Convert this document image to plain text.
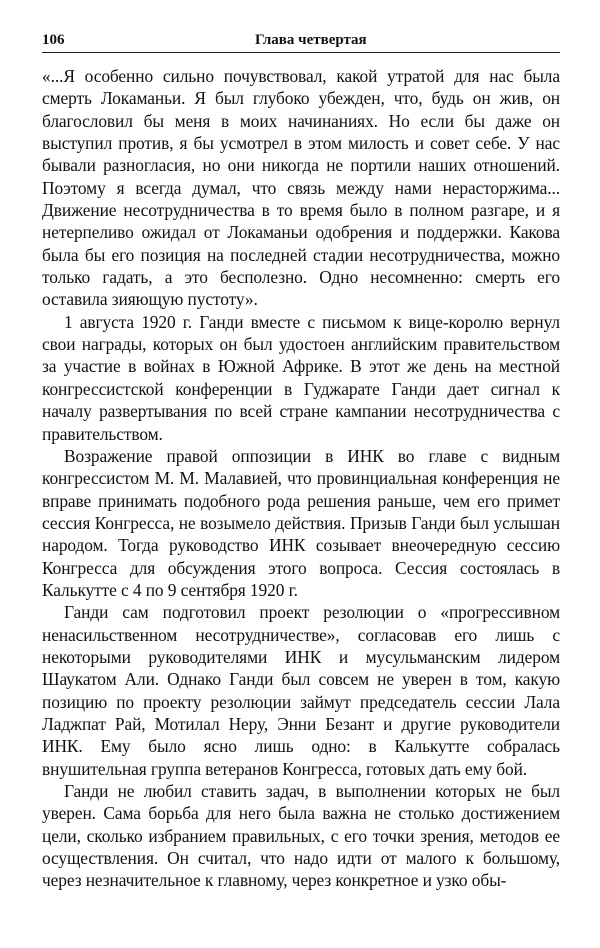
106	Глава четвертая

«...Я особенно сильно почувствовал, какой утратой для нас была смерть Локаманьи. Я был глубоко убежден, что, будь он жив, он благословил бы меня в моих начинаниях. Но если бы даже он выступил против, я бы усмотрел в этом милость и совет себе. У нас бывали разногласия, но они никогда не портили наших отношений. Поэтому я всегда думал, что связь между нами нерасторжима... Движение несотрудничества в то время было в полном разгаре, и я нетерпеливо ожидал от Локаманьи одобрения и поддержки. Какова была бы его позиция на последней стадии несотрудничества, можно только гадать, а это бесполезно. Одно несомненно: смерть его оставила зияющую пустоту».

1 августа 1920 г. Ганди вместе с письмом к вице-королю вернул свои награды, которых он был удостоен английским правительством за участие в войнах в Южной Африке. В этот же день на местной конгрессистской конференции в Гуджарате Ганди дает сигнал к началу развертывания по всей стране кампании несотрудничества с правительством.

Возражение правой оппозиции в ИНК во главе с видным конгрессистом М. М. Малавией, что провинциальная конференция не вправе принимать подобного рода решения раньше, чем его примет сессия Конгресса, не возымело действия. Призыв Ганди был услышан народом. Тогда руководство ИНК созывает внеочередную сессию Конгресса для обсуждения этого вопроса. Сессия состоялась в Калькутте с 4 по 9 сентября 1920 г.

Ганди сам подготовил проект резолюции о «прогрессивном ненасильственном несотрудничестве», согласовав его лишь с некоторыми руководителями ИНК и мусульманским лидером Шаукатом Али. Однако Ганди был совсем не уверен в том, какую позицию по проекту резолюции займут председатель сессии Лала Ладжпат Рай, Мотилал Неру, Энни Безант и другие руководители ИНК. Ему было ясно лишь одно: в Калькутте собралась внушительная группа ветеранов Конгресса, готовых дать ему бой.

Ганди не любил ставить задач, в выполнении которых не был уверен. Сама борьба для него была важна не столько достижением цели, сколько избранием правильных, с его точки зрения, методов ее осуществления. Он считал, что надо идти от малого к большому, через незначительное к главному, через конкретное и узко обы-
